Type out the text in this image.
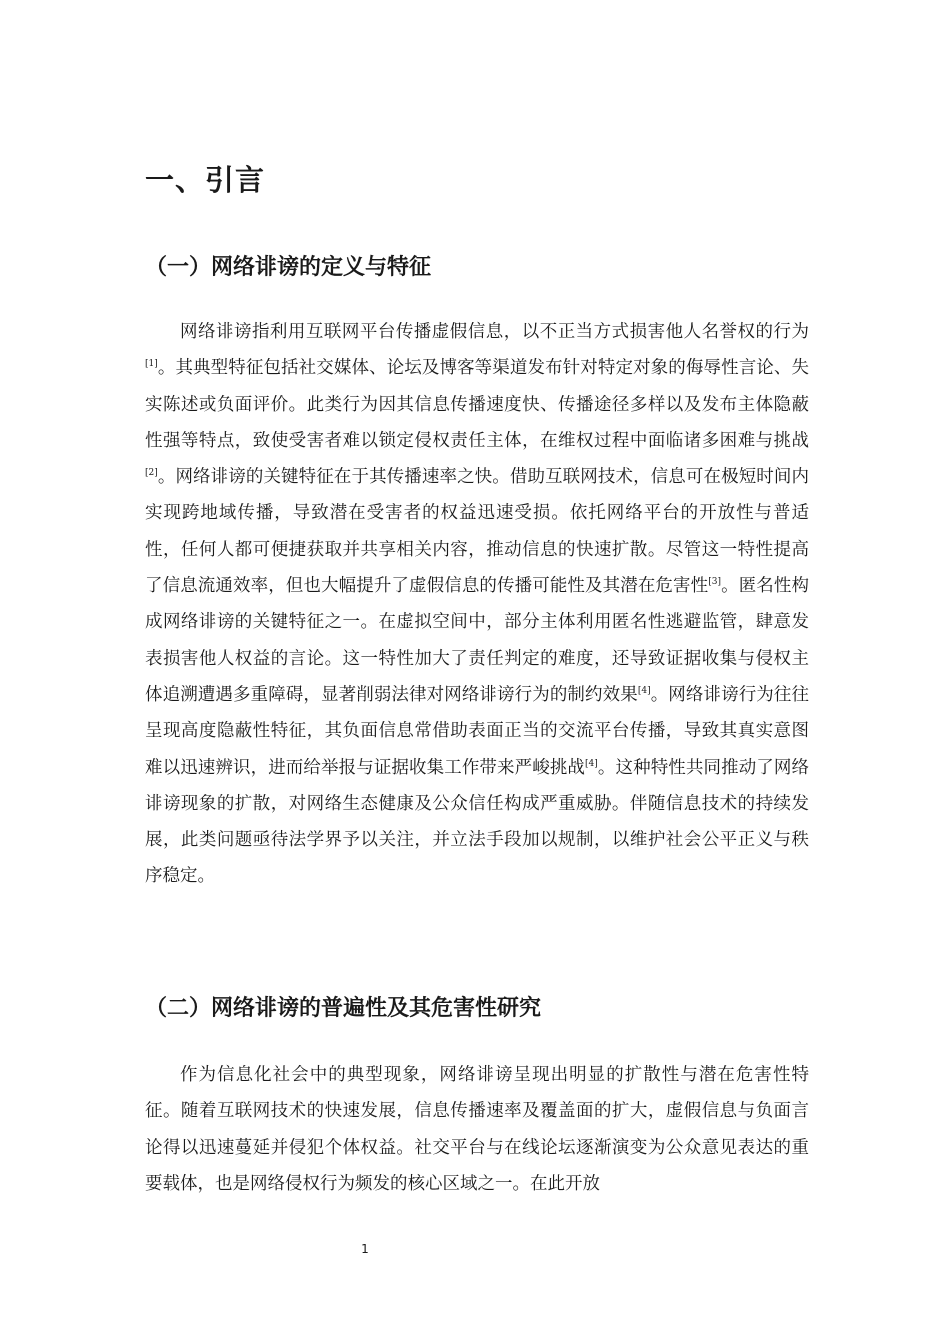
一、引言
（一）网络诽谤的定义与特征

网络诽谤指利用互联网平台传播虚假信息，以不正当方式损害他人名誉权的行为[1]。其典型特征包括社交媒体、论坛及博客等渠道发布针对特定对象的侮辱性言论、失实陈述或负面评价。此类行为因其信息传播速度快、传播途径多样以及发布主体隐蔽性强等特点，致使受害者难以锁定侵权责任主体，在维权过程中面临诸多困难与挑战[2]。网络诽谤的关键特征在于其传播速率之快。借助互联网技术，信息可在极短时间内实现跨地域传播，导致潜在受害者的权益迅速受损。依托网络平台的开放性与普适性，任何人都可便捷获取并共享相关内容，推动信息的快速扩散。尽管这一特性提高了信息流通效率，但也大幅提升了虚假信息的传播可能性及其潜在危害性[3]。匿名性构成网络诽谤的关键特征之一。在虚拟空间中，部分主体利用匿名性逃避监管，肆意发表损害他人权益的言论。这一特性加大了责任判定的难度，还导致证据收集与侵权主体追溯遭遇多重障碍，显著削弱法律对网络诽谤行为的制约效果[4]。网络诽谤行为往往呈现高度隐蔽性特征，其负面信息常借助表面正当的交流平台传播，导致其真实意图难以迅速辨识，进而给举报与证据收集工作带来严峻挑战[4]。这种特性共同推动了网络诽谤现象的扩散，对网络生态健康及公众信任构成严重威胁。伴随信息技术的持续发展，此类问题亟待法学界予以关注，并立法手段加以规制，以维护社会公平正义与秩序稳定。

（二）网络诽谤的普遍性及其危害性研究

作为信息化社会中的典型现象，网络诽谤呈现出明显的扩散性与潜在危害性特征。随着互联网技术的快速发展，信息传播速率及覆盖面的扩大，虚假信息与负面言论得以迅速蔓延并侵犯个体权益。社交平台与在线论坛逐渐演变为公众意见表达的重要载体，也是网络侵权行为频发的核心区域之一。在此开放

1
